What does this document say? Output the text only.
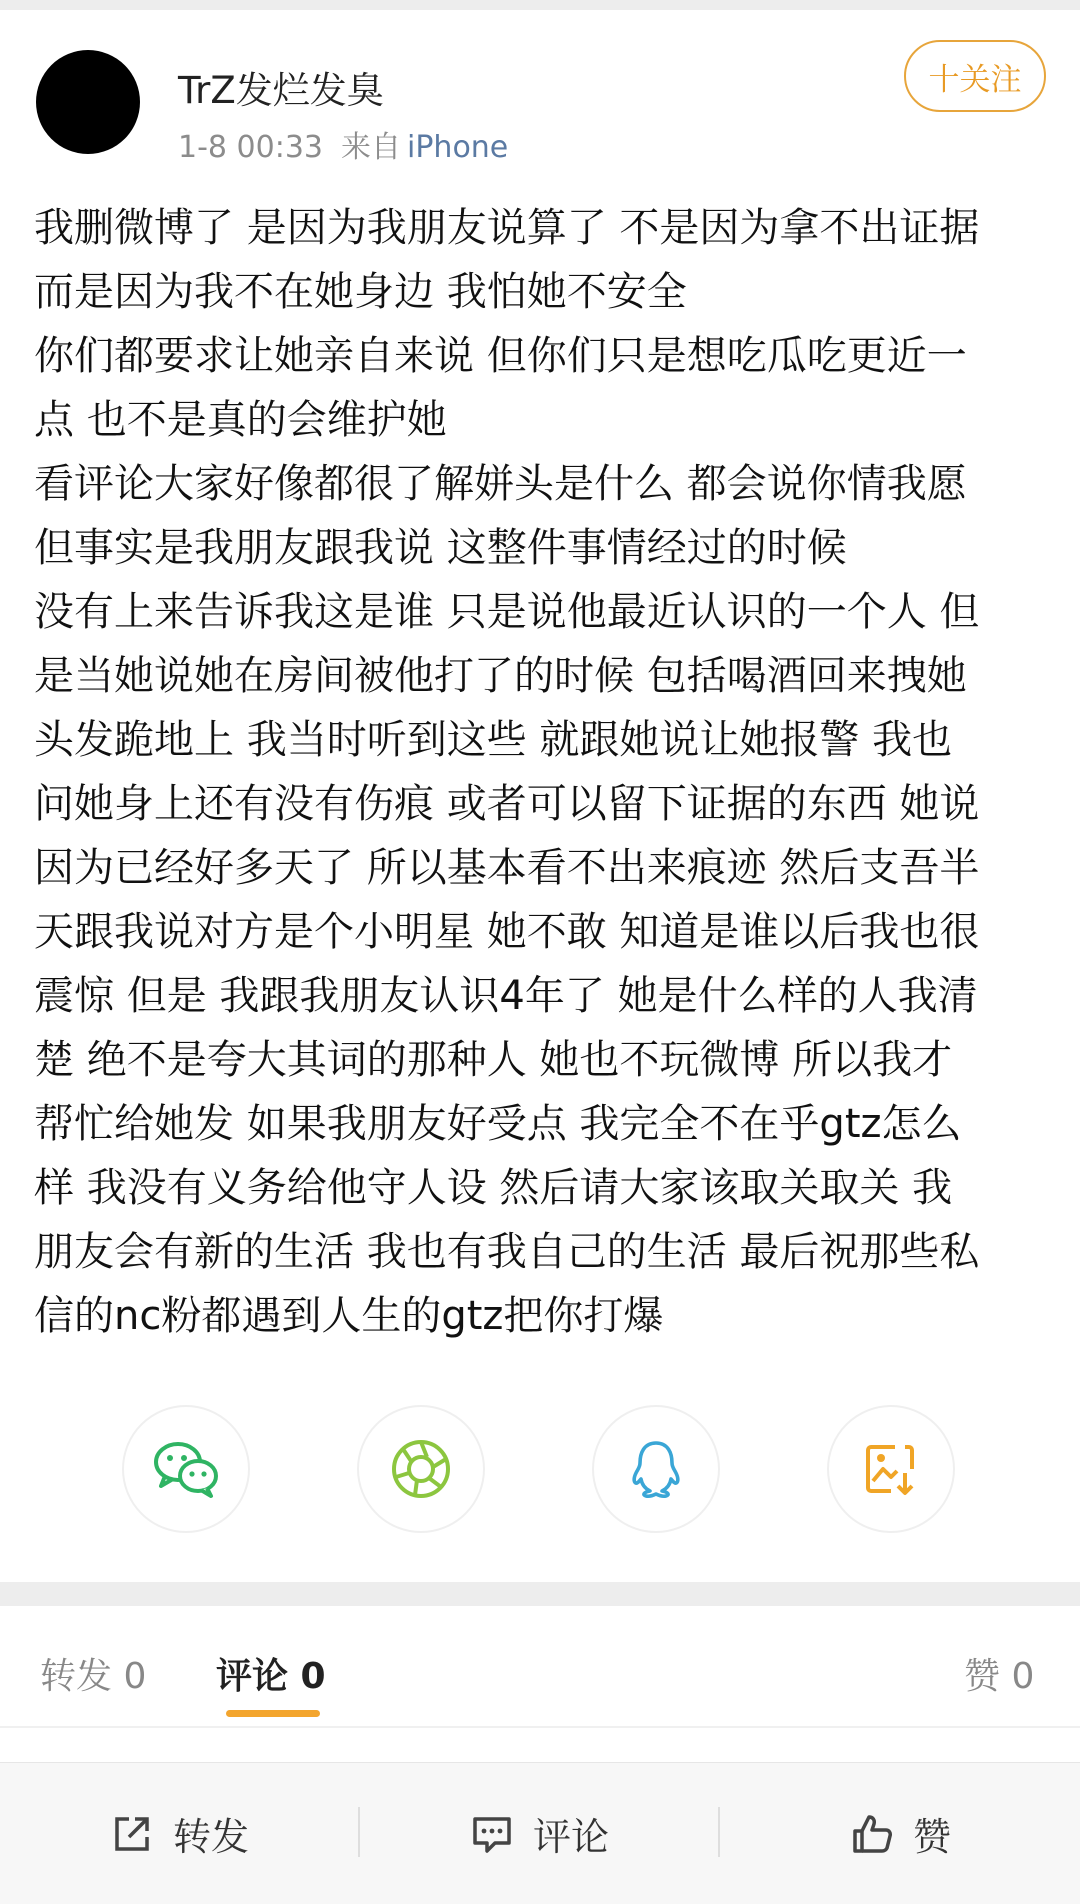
TrZ发烂发臭
1-8 00:33 来自 iPhone
十关注
我删微博了 是因为我朋友说算了 不是因为拿不出证据
而是因为我不在她身边 我怕她不安全
你们都要求让她亲自来说 但你们只是想吃瓜吃更近一
点 也不是真的会维护她
看评论大家好像都很了解姘头是什么 都会说你情我愿
但事实是我朋友跟我说 这整件事情经过的时候
没有上来告诉我这是谁 只是说他最近认识的一个人 但
是当她说她在房间被他打了的时候 包括喝酒回来拽她
头发跪地上 我当时听到这些 就跟她说让她报警 我也
问她身上还有没有伤痕 或者可以留下证据的东西 她说
因为已经好多天了 所以基本看不出来痕迹 然后支吾半
天跟我说对方是个小明星 她不敢 知道是谁以后我也很
震惊 但是 我跟我朋友认识4年了 她是什么样的人我清
楚 绝不是夸大其词的那种人 她也不玩微博 所以我才
帮忙给她发 如果我朋友好受点 我完全不在乎gtz怎么
样 我没有义务给他守人设 然后请大家该取关取关 我
朋友会有新的生活 我也有我自己的生活 最后祝那些私
信的nc粉都遇到人生的gtz把你打爆
转发 0 评论 0	赞 0
转发	评论	赞
